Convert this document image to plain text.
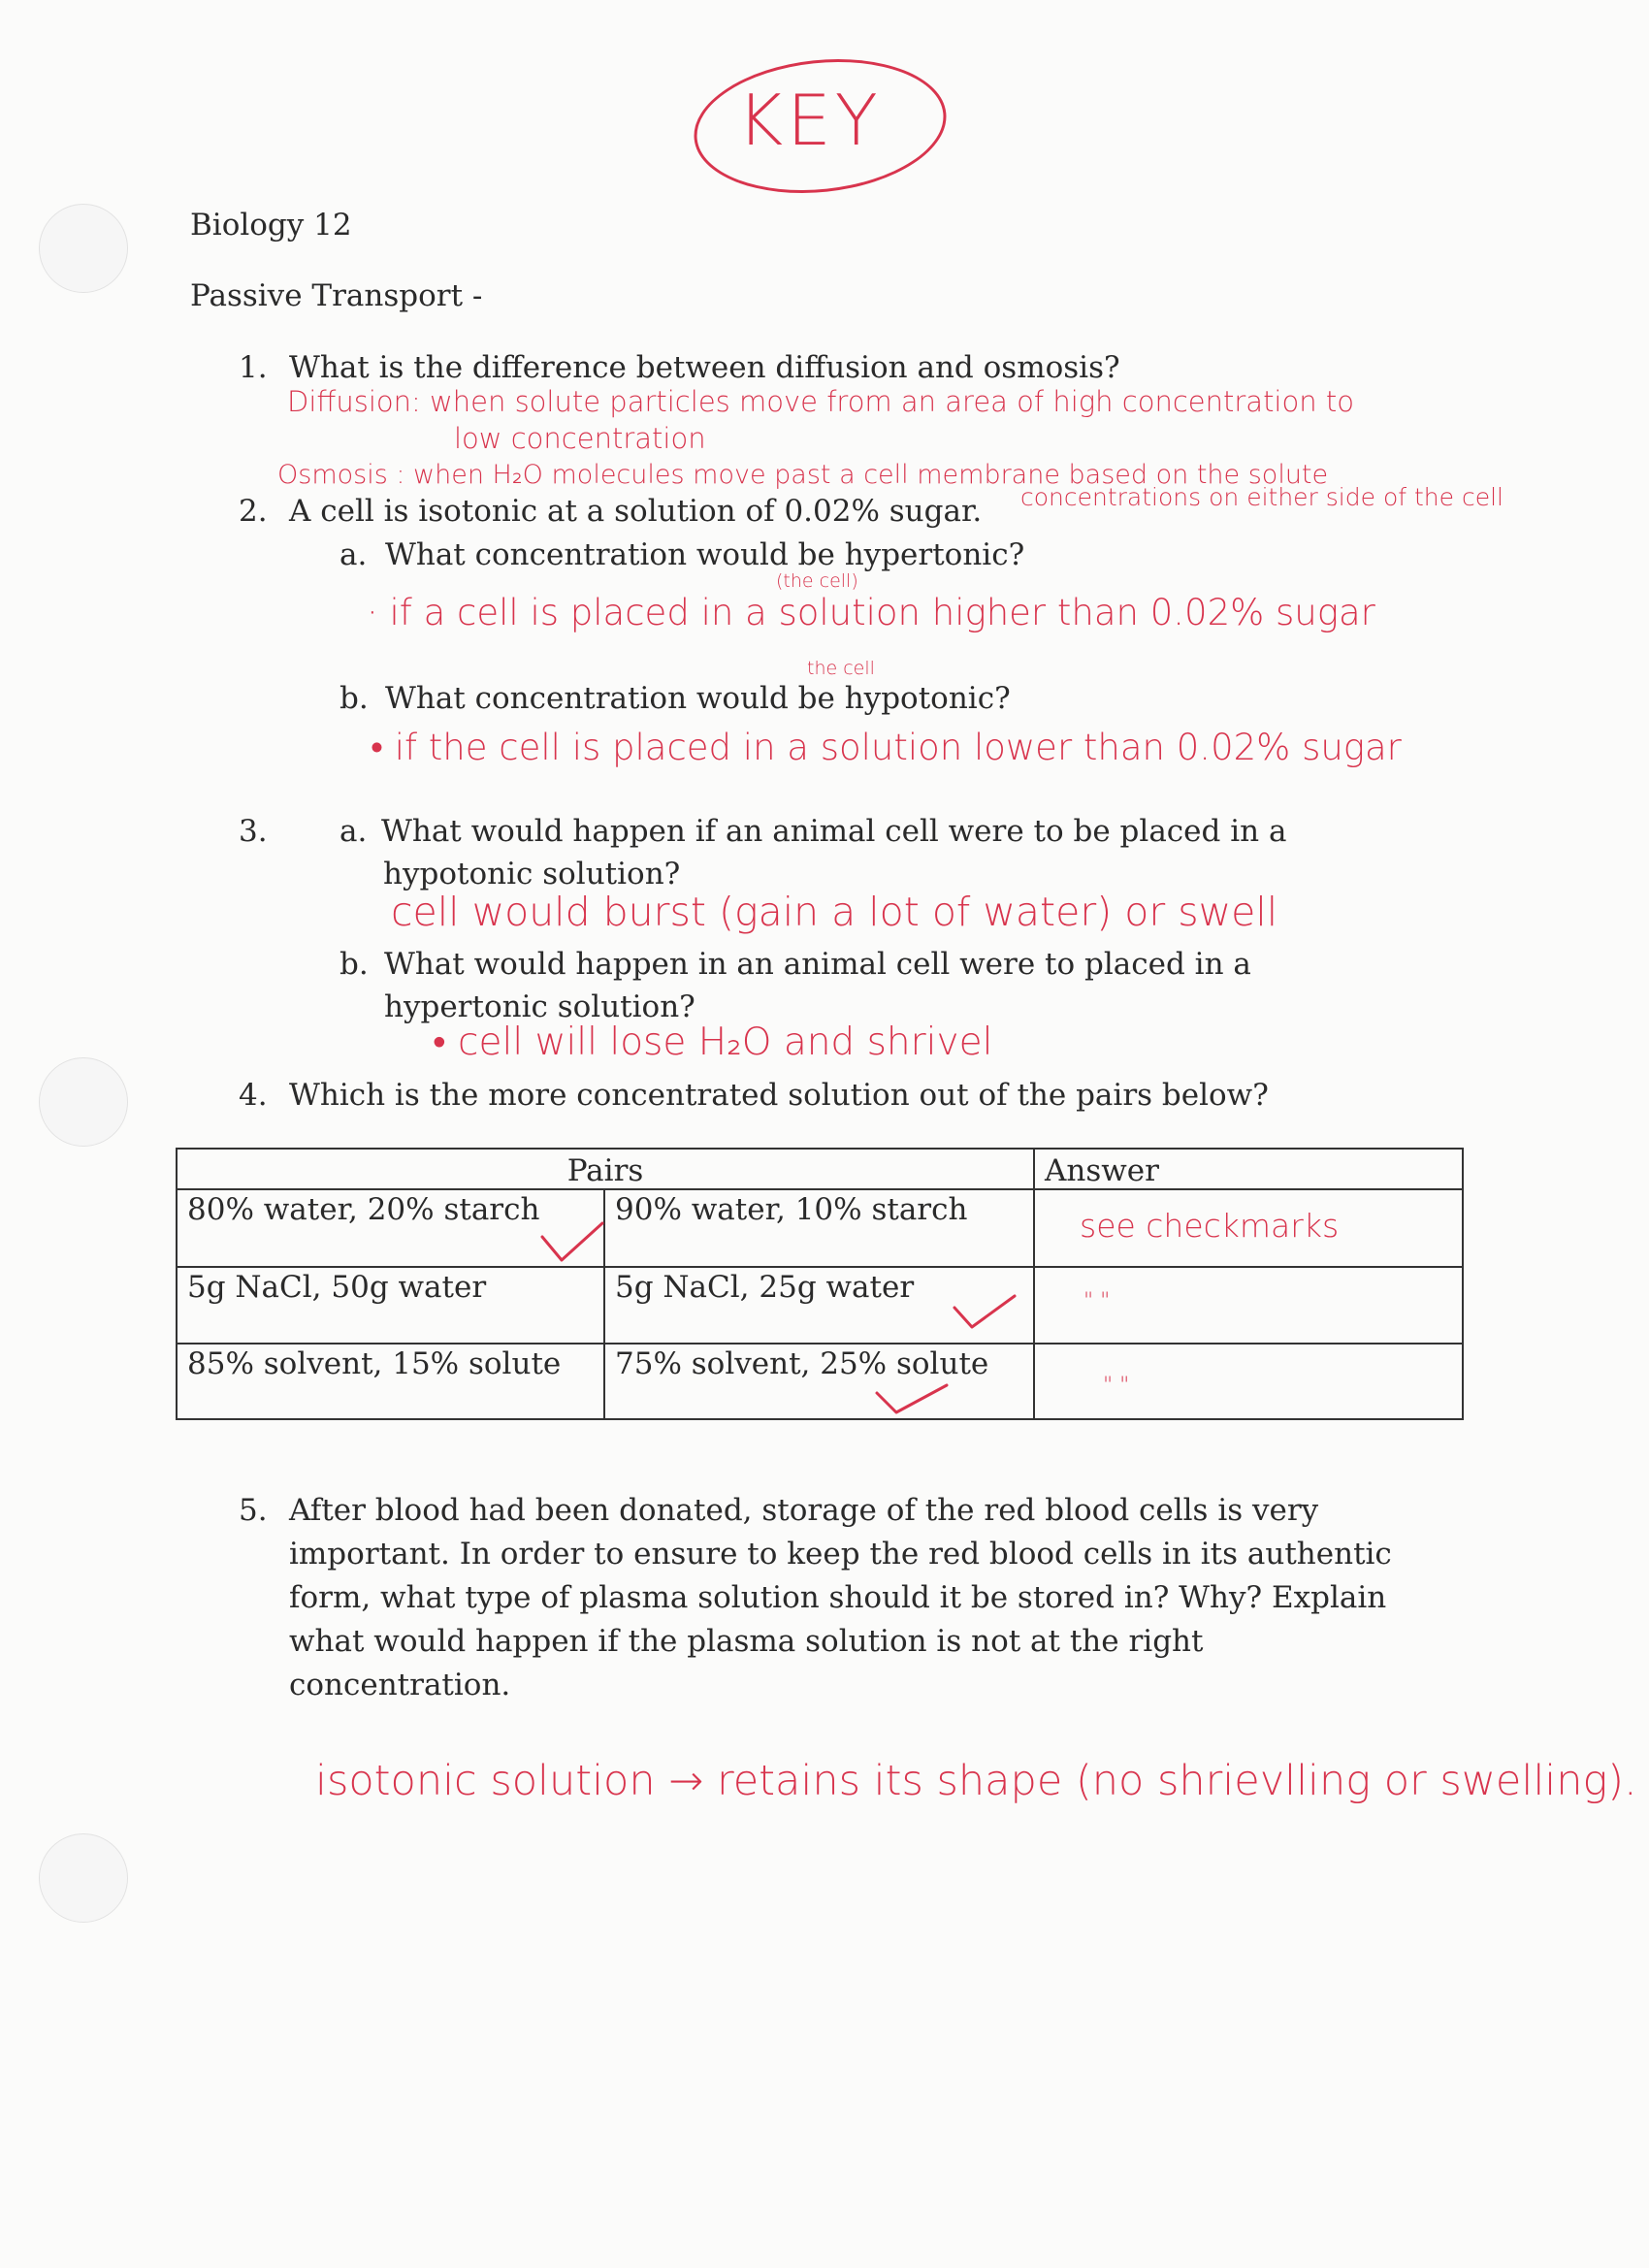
KEY
Biology 12
Passive Transport -
1. What is the difference between diffusion and osmosis?
Diffusion: when solute particles move from an area of high concentration to
low concentration
Osmosis : when H₂O molecules move past a cell membrane based on the solute
concentrations on either side of the cell
2. A cell is isotonic at a solution of 0.02% sugar.
a. What concentration would be hypertonic?
(the cell)
· if a cell is placed in a solution higher than 0.02% sugar
the cell
b. What concentration would be hypotonic?
• if the cell is placed in a solution lower than 0.02% sugar
3. a. What would happen if an animal cell were to be placed in a
hypotonic solution?
cell would burst (gain a lot of water) or swell
b. What would happen in an animal cell were to placed in a
hypertonic solution?
• cell will lose H₂O and shrivel
4. Which is the more concentrated solution out of the pairs below?
Pairs		Answer
80% water, 20% starch	90% water, 10% starch	see checkmarks
5g NaCl, 50g water	5g NaCl, 25g water	" "
85% solvent, 15% solute	75% solvent, 25% solute	" "
5. After blood had been donated, storage of the red blood cells is very
important. In order to ensure to keep the red blood cells in its authentic
form, what type of plasma solution should it be stored in? Why? Explain
what would happen if the plasma solution is not at the right
concentration.
isotonic solution → retains its shape (no shrievlling or swelling).
